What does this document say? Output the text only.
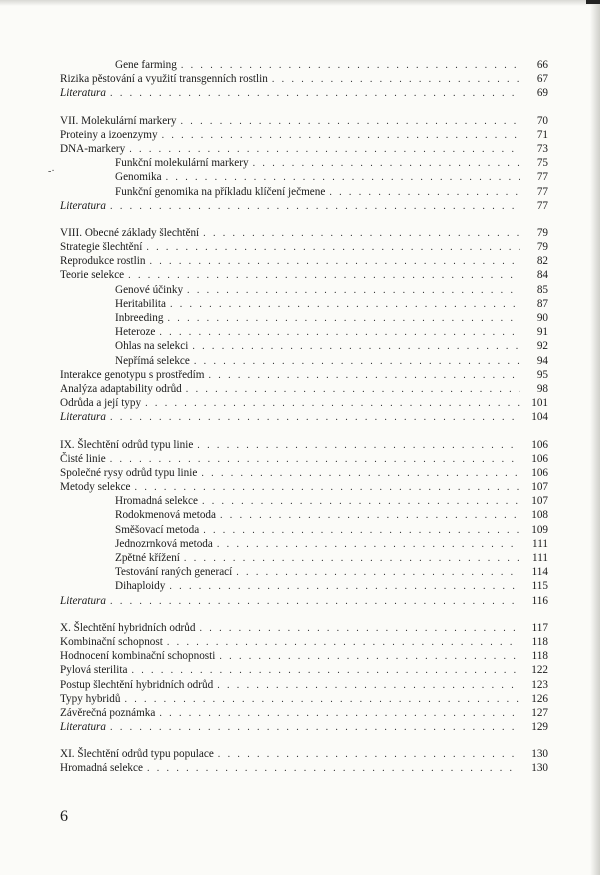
-·
Gene farming . . .	66
Rizika pěstování a využití transgenních rostlin . . .	67
Literatura . . .	69
VII. Molekulární markery . . .	70
Proteiny a izoenzymy . . .	71
DNA-markery . . .	73
Funkční molekulární markery . . .	75
Genomika . . .	77
Funkční genomika na příkladu klíčení ječmene . . .	77
Literatura . . .	77
VIII. Obecné základy šlechtění . . .	79
Strategie šlechtění . . .	79
Reprodukce rostlin . . .	82
Teorie selekce . . .	84
Genové účinky . . .	85
Heritabilita . . .	87
Inbreeding . . .	90
Heteroze . . .	91
Ohlas na selekci . . .	92
Nepřímá selekce . . .	94
Interakce genotypu s prostředím . . .	95
Analýza adaptability odrůd . . .	98
Odrůda a její typy . . .	101
Literatura . . .	104
IX. Šlechtění odrůd typu linie . . .	106
Čisté linie . . .	106
Společné rysy odrůd typu linie . . .	106
Metody selekce . . .	107
Hromadná selekce . . .	107
Rodokmenová metoda . . .	108
Směšovací metoda . . .	109
Jednozrnková metoda . . .	111
Zpětné křížení . . .	111
Testování raných generací . . .	114
Dihaploidy . . .	115
Literatura . . .	116
X. Šlechtění hybridních odrůd . . .	117
Kombinační schopnost . . .	118
Hodnocení kombinační schopnosti . . .	118
Pylová sterilita . . .	122
Postup šlechtění hybridních odrůd . . .	123
Typy hybridů . . .	126
Závěrečná poznámka . . .	127
Literatura . . .	129
XI. Šlechtění odrůd typu populace . . .	130
Hromadná selekce . . .	130
6
